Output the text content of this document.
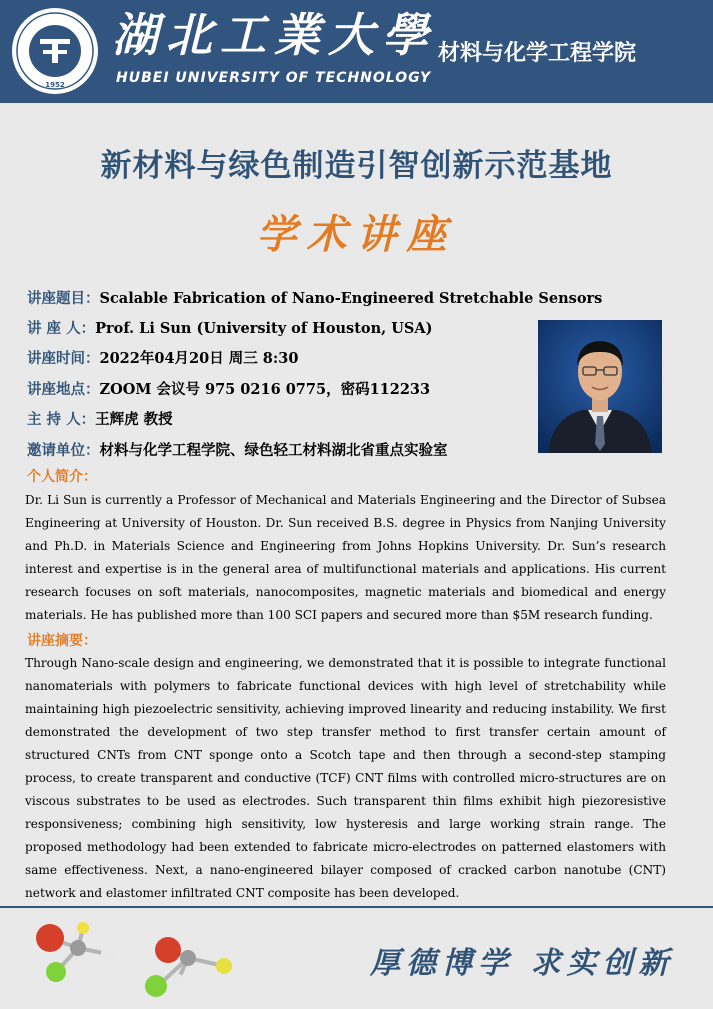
1952
湖北工業大學
HUBEI UNIVERSITY OF TECHNOLOGY
材料与化学工程学院
新材料与绿色制造引智创新示范基地
学术讲座
讲座题目：Scalable Fabrication of Nano-Engineered Stretchable Sensors
讲 座 人：Prof. Li Sun (University of Houston, USA)
讲座时间：2022年04月20日 周三 8:30
讲座地点：ZOOM 会议号 975 0216 0775，密码112233
主 持 人：王辉虎 教授
邀请单位：材料与化学工程学院、绿色轻工材料湖北省重点实验室
个人简介：
Dr. Li Sun is currently a Professor of Mechanical and Materials Engineering and the Director of Subsea Engineering at University of Houston. Dr. Sun received B.S. degree in Physics from Nanjing University and Ph.D. in Materials Science and Engineering from Johns Hopkins University. Dr. Sun’s research interest and expertise is in the general area of multifunctional materials and applications. His current research focuses on soft materials, nanocomposites, magnetic materials and biomedical and energy materials. He has published more than 100 SCI papers and secured more than $5M research funding.
讲座摘要：
Through Nano-scale design and engineering, we demonstrated that it is possible to integrate functional nanomaterials with polymers to fabricate functional devices with high level of stretchability while maintaining high piezoelectric sensitivity, achieving improved linearity and reducing instability. We first demonstrated the development of two step transfer method to first transfer certain amount of structured CNTs from CNT sponge onto a Scotch tape and then through a second-step stamping process, to create transparent and conductive (TCF) CNT films with controlled micro-structures are on viscous substrates to be used as electrodes. Such transparent thin films exhibit high piezoresistive responsiveness; combining high sensitivity, low hysteresis and large working strain range. The proposed methodology had been extended to fabricate micro-electrodes on patterned elastomers with same effectiveness. Next, a nano-engineered bilayer composed of cracked carbon nanotube (CNT) network and elastomer infiltrated CNT composite has been developed.
厚德博学 求实创新
